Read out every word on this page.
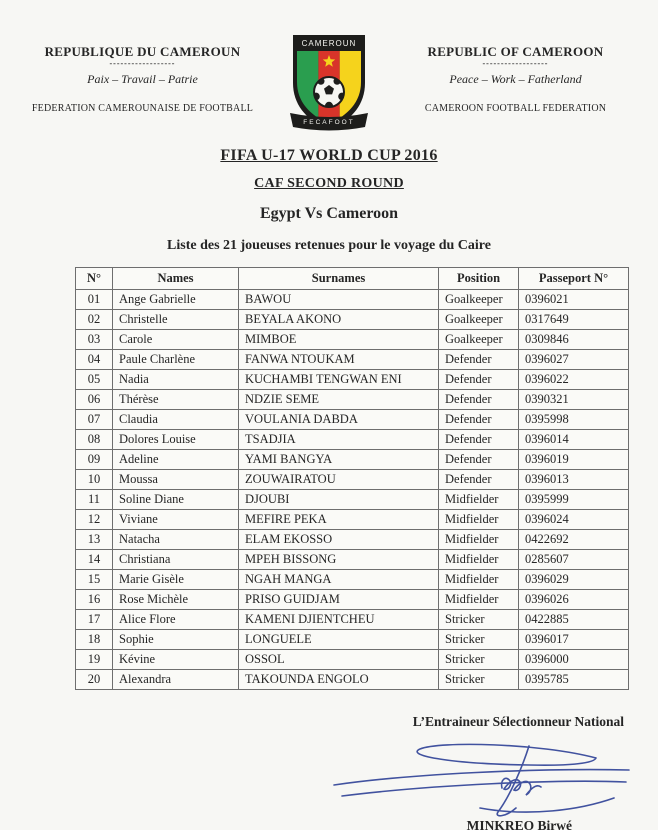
REPUBLIQUE DU CAMEROUN
------------------
Paix – Travail – Patrie
FEDERATION CAMEROUNAISE DE FOOTBALL
CAMEROUN
FECAFOOT
REPUBLIC OF CAMEROON
------------------
Peace – Work – Fatherland
CAMEROON FOOTBALL FEDERATION
FIFA U-17 WORLD CUP 2016
CAF SECOND ROUND
Egypt Vs Cameroon
Liste des 21 joueuses retenues pour le voyage du Caire
N°	Names	Surnames	Position	Passeport N°
01	Ange Gabrielle	BAWOU	Goalkeeper	0396021
02	Christelle	BEYALA AKONO	Goalkeeper	0317649
03	Carole	MIMBOE	Goalkeeper	0309846
04	Paule Charlène	FANWA NTOUKAM	Defender	0396027
05	Nadia	KUCHAMBI TENGWAN ENI	Defender	0396022
06	Thérèse	NDZIE SEME	Defender	0390321
07	Claudia	VOULANIA DABDA	Defender	0395998
08	Dolores Louise	TSADJIA	Defender	0396014
09	Adeline	YAMI BANGYA	Defender	0396019
10	Moussa	ZOUWAIRATOU	Defender	0396013
11	Soline Diane	DJOUBI	Midfielder	0395999
12	Viviane	MEFIRE PEKA	Midfielder	0396024
13	Natacha	ELAM EKOSSO	Midfielder	0422692
14	Christiana	MPEH BISSONG	Midfielder	0285607
15	Marie Gisèle	NGAH MANGA	Midfielder	0396029
16	Rose Michèle	PRISO GUIDJAM	Midfielder	0396026
17	Alice Flore	KAMENI DJIENTCHEU	Stricker	0422885
18	Sophie	LONGUELE	Stricker	0396017
19	Kévine	OSSOL	Stricker	0396000
20	Alexandra	TAKOUNDA ENGOLO	Stricker	0395785
L’Entraineur Sélectionneur National
MINKREO Birwé
